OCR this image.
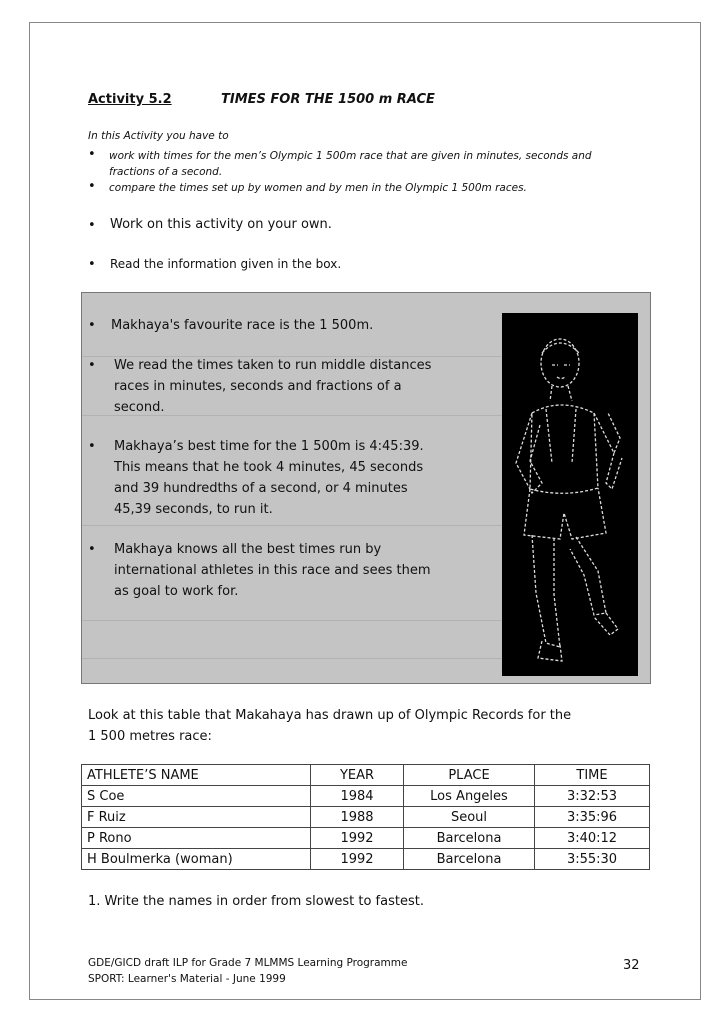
Activity 5.2	TIMES FOR THE 1500 m RACE
In this Activity you have to
• work with times for the men’s Olympic 1 500m race that are given in minutes, seconds and
fractions of a second.
• compare the times set up by women and by men in the Olympic 1 500m races.
• Work on this activity on your own.
• Read the information given in the box.
• Makhaya's favourite race is the 1 500m.
• We read the times taken to run middle distances
races in minutes, seconds and fractions of a
second.
• Makhaya’s best time for the 1 500m is 4:45:39.
This means that he took 4 minutes, 45 seconds
and 39 hundredths of a second, or 4 minutes
45,39 seconds, to run it.
• Makhaya knows all the best times run by
international athletes in this race and sees them
as goal to work for.
Look at this table that Makahaya has drawn up of Olympic Records for the
1 500 metres race:
ATHLETE’S NAME	YEAR	PLACE	TIME
S Coe	1984	Los Angeles	3:32:53
F Ruiz	1988	Seoul	3:35:96
P Rono	1992	Barcelona	3:40:12
H Boulmerka (woman)	1992	Barcelona	3:55:30
1. Write the names in order from slowest to fastest.
GDE/GICD draft ILP for Grade 7 MLMMS Learning Programme
SPORT: Learner's Material - June 1999
32
